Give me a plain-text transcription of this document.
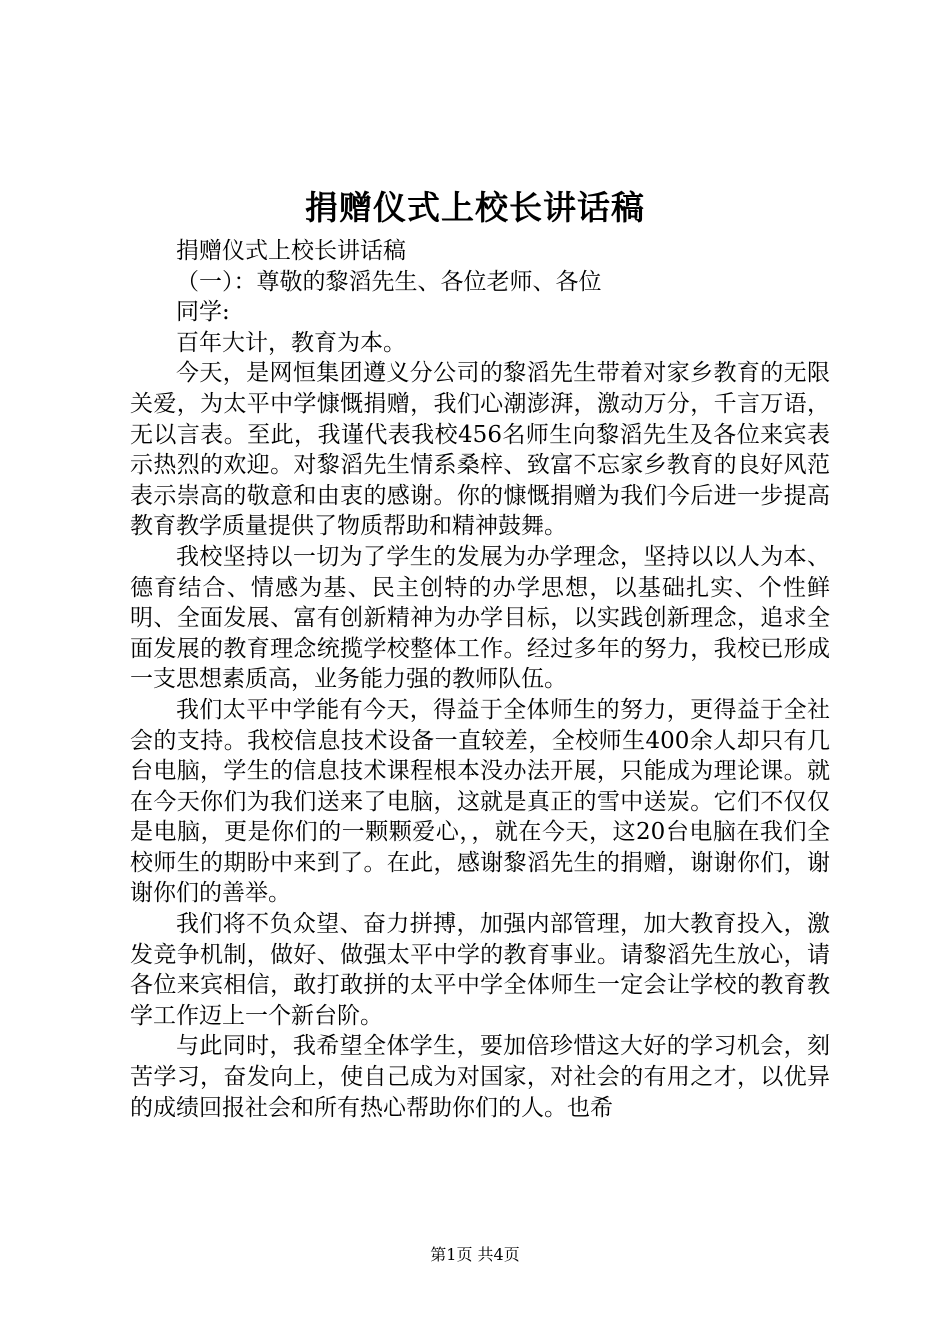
捐赠仪式上校长讲话稿

捐赠仪式上校长讲话稿

（一）：尊敬的黎滔先生、各位老师、各位

同学:

百年大计，教育为本。

今天，是网恒集团遵义分公司的黎滔先生带着对家乡教育的无限关爱，为太平中学慷慨捐赠，我们心潮澎湃，激动万分，千言万语，无以言表。至此，我谨代表我校456名师生向黎滔先生及各位来宾表示热烈的欢迎。对黎滔先生情系桑梓、致富不忘家乡教育的良好风范表示崇高的敬意和由衷的感谢。你的慷慨捐赠为我们今后进一步提高教育教学质量提供了物质帮助和精神鼓舞。

我校坚持以一切为了学生的发展为办学理念，坚持以以人为本、德育结合、情感为基、民主创特的办学思想，以基础扎实、个性鲜明、全面发展、富有创新精神为办学目标，以实践创新理念，追求全面发展的教育理念统揽学校整体工作。经过多年的努力，我校已形成一支思想素质高，业务能力强的教师队伍。

我们太平中学能有今天，得益于全体师生的努力，更得益于全社会的支持。我校信息技术设备一直较差，全校师生400余人却只有几台电脑，学生的信息技术课程根本没办法开展，只能成为理论课。就在今天你们为我们送来了电脑，这就是真正的雪中送炭。它们不仅仅是电脑，更是你们的一颗颗爱心，，就在今天，这20台电脑在我们全校师生的期盼中来到了。在此，感谢黎滔先生的捐赠，谢谢你们，谢谢你们的善举。

我们将不负众望、奋力拼搏，加强内部管理，加大教育投入，激发竞争机制，做好、做强太平中学的教育事业。请黎滔先生放心，请各位来宾相信，敢打敢拼的太平中学全体师生一定会让学校的教育教学工作迈上一个新台阶。

与此同时，我希望全体学生，要加倍珍惜这大好的学习机会，刻苦学习，奋发向上，使自己成为对国家，对社会的有用之才，以优异的成绩回报社会和所有热心帮助你们的人。也希

第1页 共4页
